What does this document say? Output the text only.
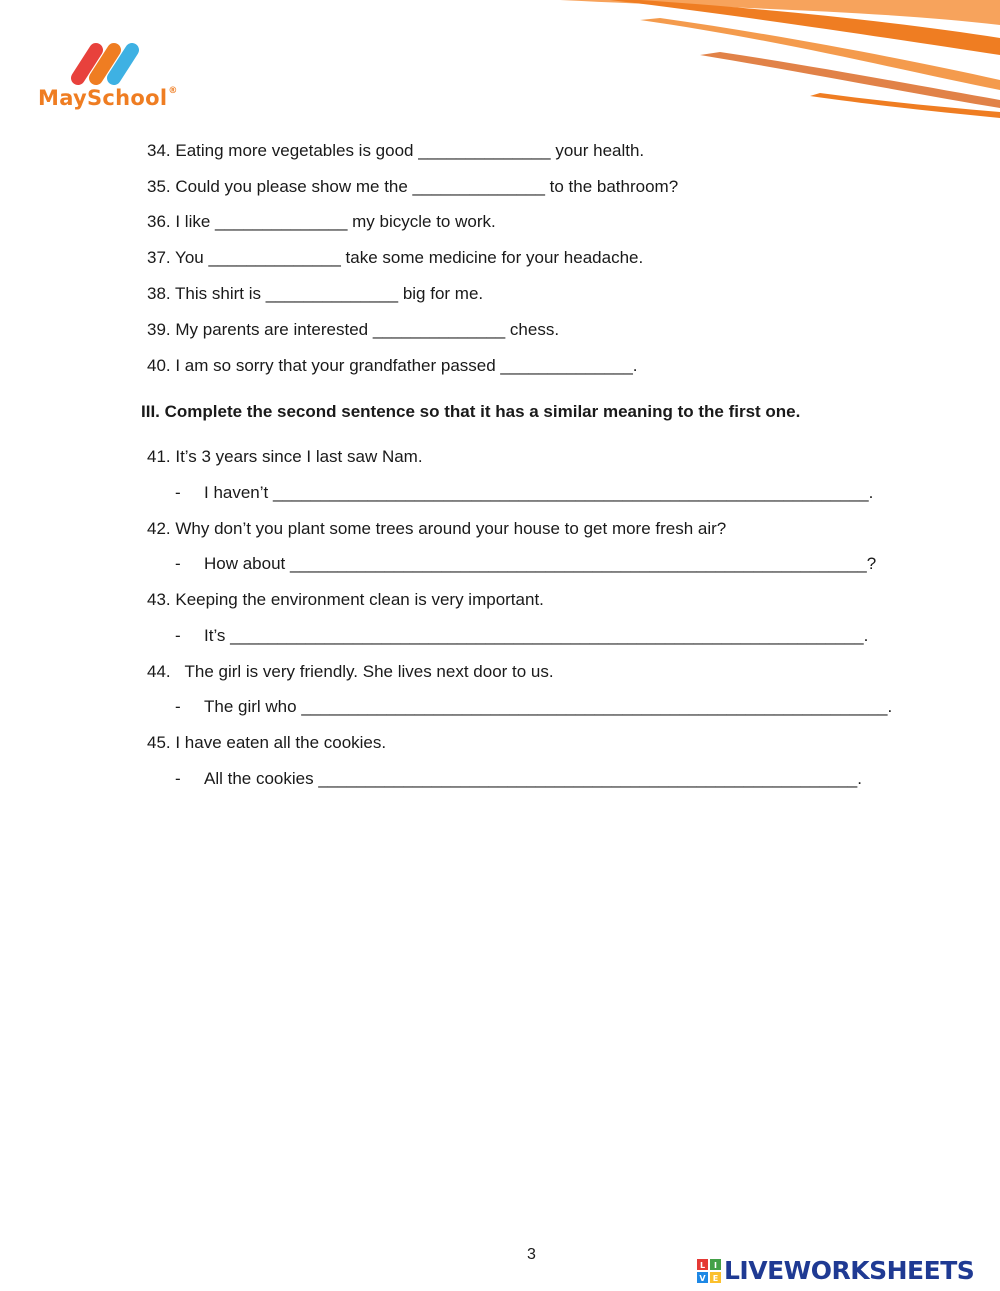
MaySchool®
34. Eating more vegetables is good ______________ your health.
35. Could you please show me the ______________ to the bathroom?
36. I like ______________ my bicycle to work.
37. You ______________ take some medicine for your headache.
38. This shirt is ______________ big for me.
39. My parents are interested ______________ chess.
40. I am so sorry that your grandfather passed ______________.
III. Complete the second sentence so that it has a similar meaning to the first one.
41. It’s 3 years since I last saw Nam.
- I haven’t _______________________________________________________________.
42. Why don’t you plant some trees around your house to get more fresh air?
- How about _____________________________________________________________?
43. Keeping the environment clean is very important.
- It’s ___________________________________________________________________.
44.   The girl is very friendly. She lives next door to us.
- The girl who ______________________________________________________________.
45. I have eaten all the cookies.
- All the cookies _________________________________________________________.
3
L I
V E LIVEWORKSHEETS
